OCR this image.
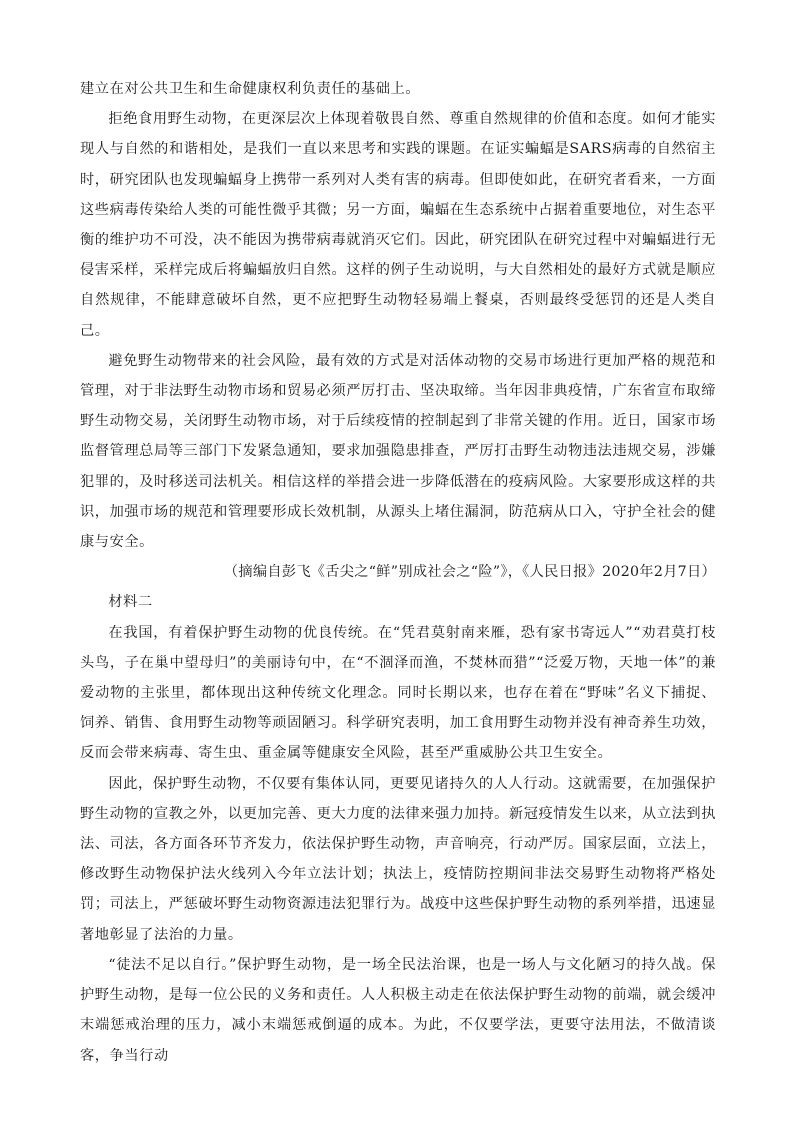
建立在对公共卫生和生命健康权利负责任的基础上。

拒绝食用野生动物，在更深层次上体现着敬畏自然、尊重自然规律的价值和态度。如何才能实现人与自然的和谐相处，是我们一直以来思考和实践的课题。在证实蝙蝠是SARS病毒的自然宿主时，研究团队也发现蝙蝠身上携带一系列对人类有害的病毒。但即使如此，在研究者看来，一方面这些病毒传染给人类的可能性微乎其微；另一方面，蝙蝠在生态系统中占据着重要地位，对生态平衡的维护功不可没，决不能因为携带病毒就消灭它们。因此，研究团队在研究过程中对蝙蝠进行无侵害采样，采样完成后将蝙蝠放归自然。这样的例子生动说明，与大自然相处的最好方式就是顺应自然规律，不能肆意破坏自然，更不应把野生动物轻易端上餐桌，否则最终受惩罚的还是人类自己。

避免野生动物带来的社会风险，最有效的方式是对活体动物的交易市场进行更加严格的规范和管理，对于非法野生动物市场和贸易必须严厉打击、坚决取缔。当年因非典疫情，广东省宣布取缔野生动物交易，关闭野生动物市场，对于后续疫情的控制起到了非常关键的作用。近日，国家市场监督管理总局等三部门下发紧急通知，要求加强隐患排查，严厉打击野生动物违法违规交易，涉嫌犯罪的，及时移送司法机关。相信这样的举措会进一步降低潜在的疫病风险。大家要形成这样的共识，加强市场的规范和管理要形成长效机制，从源头上堵住漏洞，防范病从口入，守护全社会的健康与安全。

（摘编自彭飞《舌尖之“鲜”别成社会之“险”》，《人民日报》2020年2月7日）

材料二

在我国，有着保护野生动物的优良传统。在“凭君莫射南来雁，恐有家书寄远人”“劝君莫打枝头鸟，子在巢中望母归”的美丽诗句中，在“不涸泽而渔，不焚林而猎”“泛爱万物，天地一体”的兼爱动物的主张里，都体现出这种传统文化理念。同时长期以来，也存在着在“野味”名义下捕捉、饲养、销售、食用野生动物等顽固陋习。科学研究表明，加工食用野生动物并没有神奇养生功效，反而会带来病毒、寄生虫、重金属等健康安全风险，甚至严重威胁公共卫生安全。

因此，保护野生动物，不仅要有集体认同，更要见诸持久的人人行动。这就需要，在加强保护野生动物的宣教之外，以更加完善、更大力度的法律来强力加持。新冠疫情发生以来，从立法到执法、司法，各方面各环节齐发力，依法保护野生动物，声音响亮，行动严厉。国家层面，立法上，修改野生动物保护法火线列入今年立法计划；执法上，疫情防控期间非法交易野生动物将严格处罚；司法上，严惩破坏野生动物资源违法犯罪行为。战疫中这些保护野生动物的系列举措，迅速显著地彰显了法治的力量。

“徒法不足以自行。”保护野生动物，是一场全民法治课，也是一场人与文化陋习的持久战。保护野生动物，是每一位公民的义务和责任。人人积极主动走在依法保护野生动物的前端，就会缓冲末端惩戒治理的压力，减小末端惩戒倒逼的成本。为此，不仅要学法，更要守法用法，不做清谈客，争当行动
